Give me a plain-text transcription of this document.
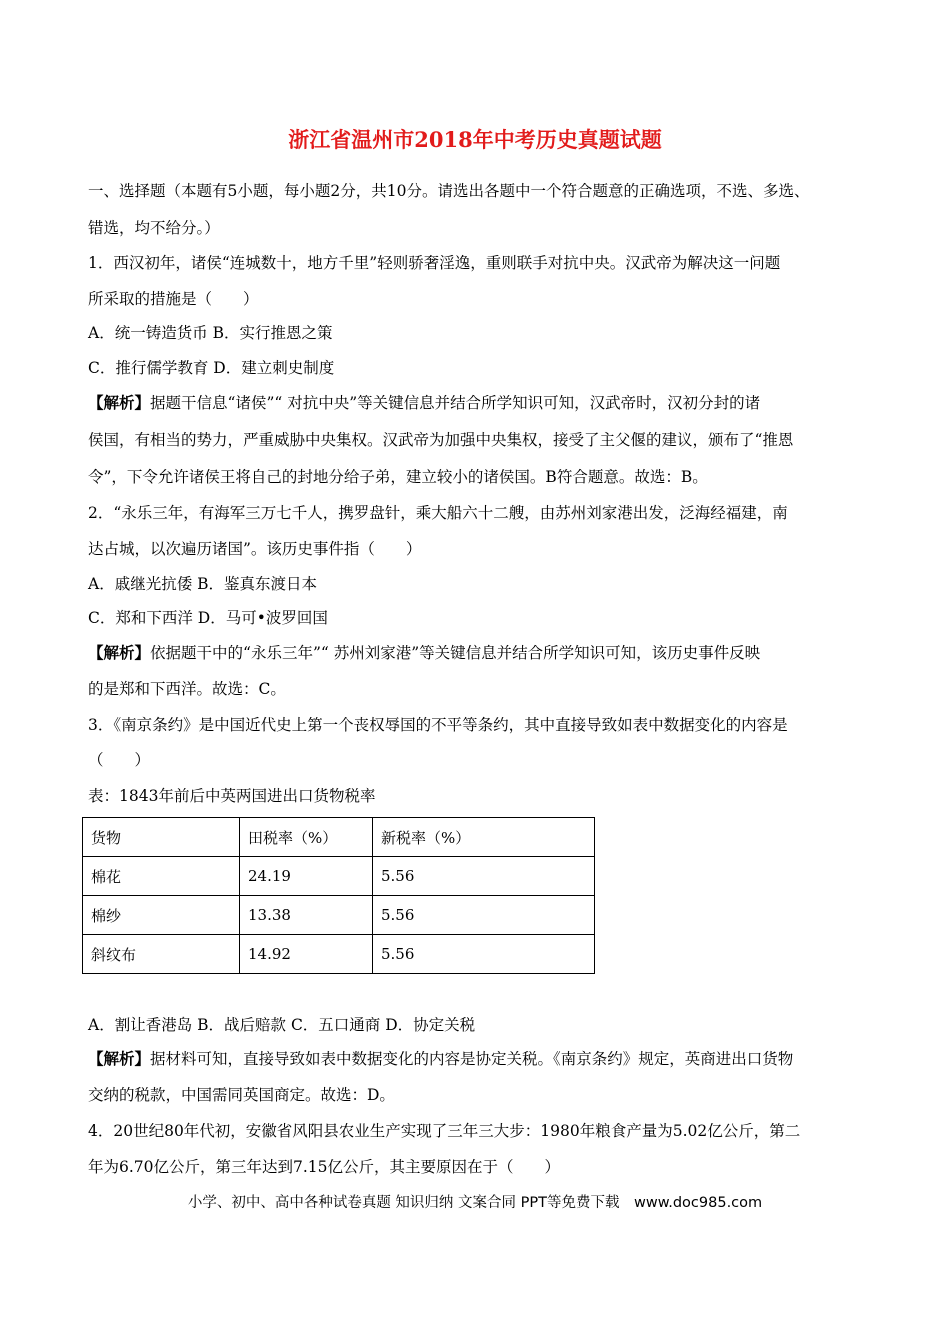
浙江省温州市2018年中考历史真题试题
一、选择题（本题有5小题，每小题2分，共10分。请选出各题中一个符合题意的正确选项，不选、多选、
错选，均不给分。）
1．西汉初年，诸侯“连城数十，地方千里”轻则骄奢淫逸，重则联手对抗中央。汉武帝为解决这一问题
所采取的措施是（　　）
A．统一铸造货币 B．实行推恩之策
C．推行儒学教育 D．建立刺史制度
【解析】据题干信息“诸侯”“ 对抗中央”等关键信息并结合所学知识可知，汉武帝时，汉初分封的诸
侯国，有相当的势力，严重威胁中央集权。汉武帝为加强中央集权，接受了主父偃的建议，颁布了“推恩
令”，下令允许诸侯王将自己的封地分给子弟，建立较小的诸侯国。B符合题意。故选：B。
2．“永乐三年，有海军三万七千人，携罗盘针，乘大船六十二艘，由苏州刘家港出发，泛海经福建，南
达占城，以次遍历诸国”。该历史事件指（　　）
A．戚继光抗倭 B．鉴真东渡日本
C．郑和下西洋 D．马可•波罗回国
【解析】依据题干中的“永乐三年”“ 苏州刘家港”等关键信息并结合所学知识可知，该历史事件反映
的是郑和下西洋。故选：C。
3．《南京条约》是中国近代史上第一个丧权辱国的不平等条约，其中直接导致如表中数据变化的内容是
（　　）
表：1843年前后中英两国进出口货物税率
货物	田税率（%）	新税率（%）
棉花	24.19	5.56
棉纱	13.38	5.56
斜纹布	14.92	5.56
A．割让香港岛 B．战后赔款 C．五口通商 D．协定关税
【解析】据材料可知，直接导致如表中数据变化的内容是协定关税。《南京条约》规定，英商进出口货物
交纳的税款，中国需同英国商定。故选：D。
4．20世纪80年代初，安徽省风阳县农业生产实现了三年三大步：1980年粮食产量为5.02亿公斤，第二
年为6.70亿公斤，第三年达到7.15亿公斤，其主要原因在于（　　）
小学、初中、高中各种试卷真题 知识归纳 文案合同 PPT等免费下载　www.doc985.com
